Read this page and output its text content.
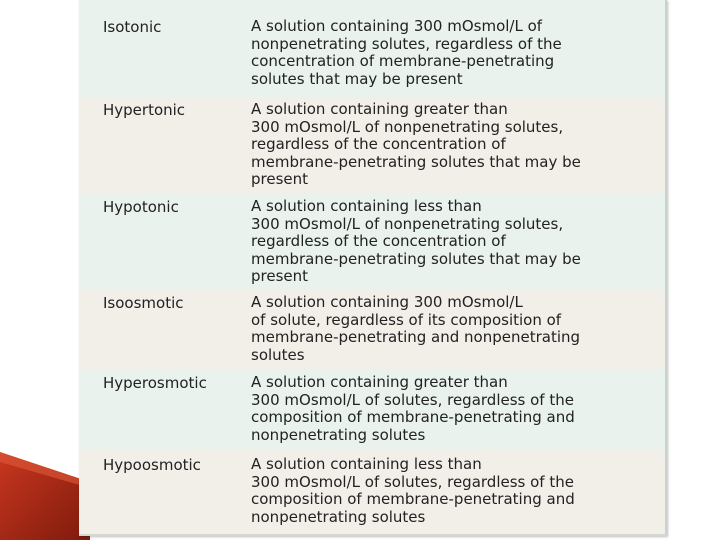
Isotonic	A solution containing 300 mOsmol/L of
nonpenetrating solutes, regardless of the
concentration of membrane-penetrating
solutes that may be present
Hypertonic	A solution containing greater than
300 mOsmol/L of nonpenetrating solutes,
regardless of the concentration of
membrane-penetrating solutes that may be
present
Hypotonic	A solution containing less than
300 mOsmol/L of nonpenetrating solutes,
regardless of the concentration of
membrane-penetrating solutes that may be
present
Isoosmotic	A solution containing 300 mOsmol/L
of solute, regardless of its composition of
membrane-penetrating and nonpenetrating
solutes
Hyperosmotic	A solution containing greater than
300 mOsmol/L of solutes, regardless of the
composition of membrane-penetrating and
nonpenetrating solutes
Hypoosmotic	A solution containing less than
300 mOsmol/L of solutes, regardless of the
composition of membrane-penetrating and
nonpenetrating solutes
